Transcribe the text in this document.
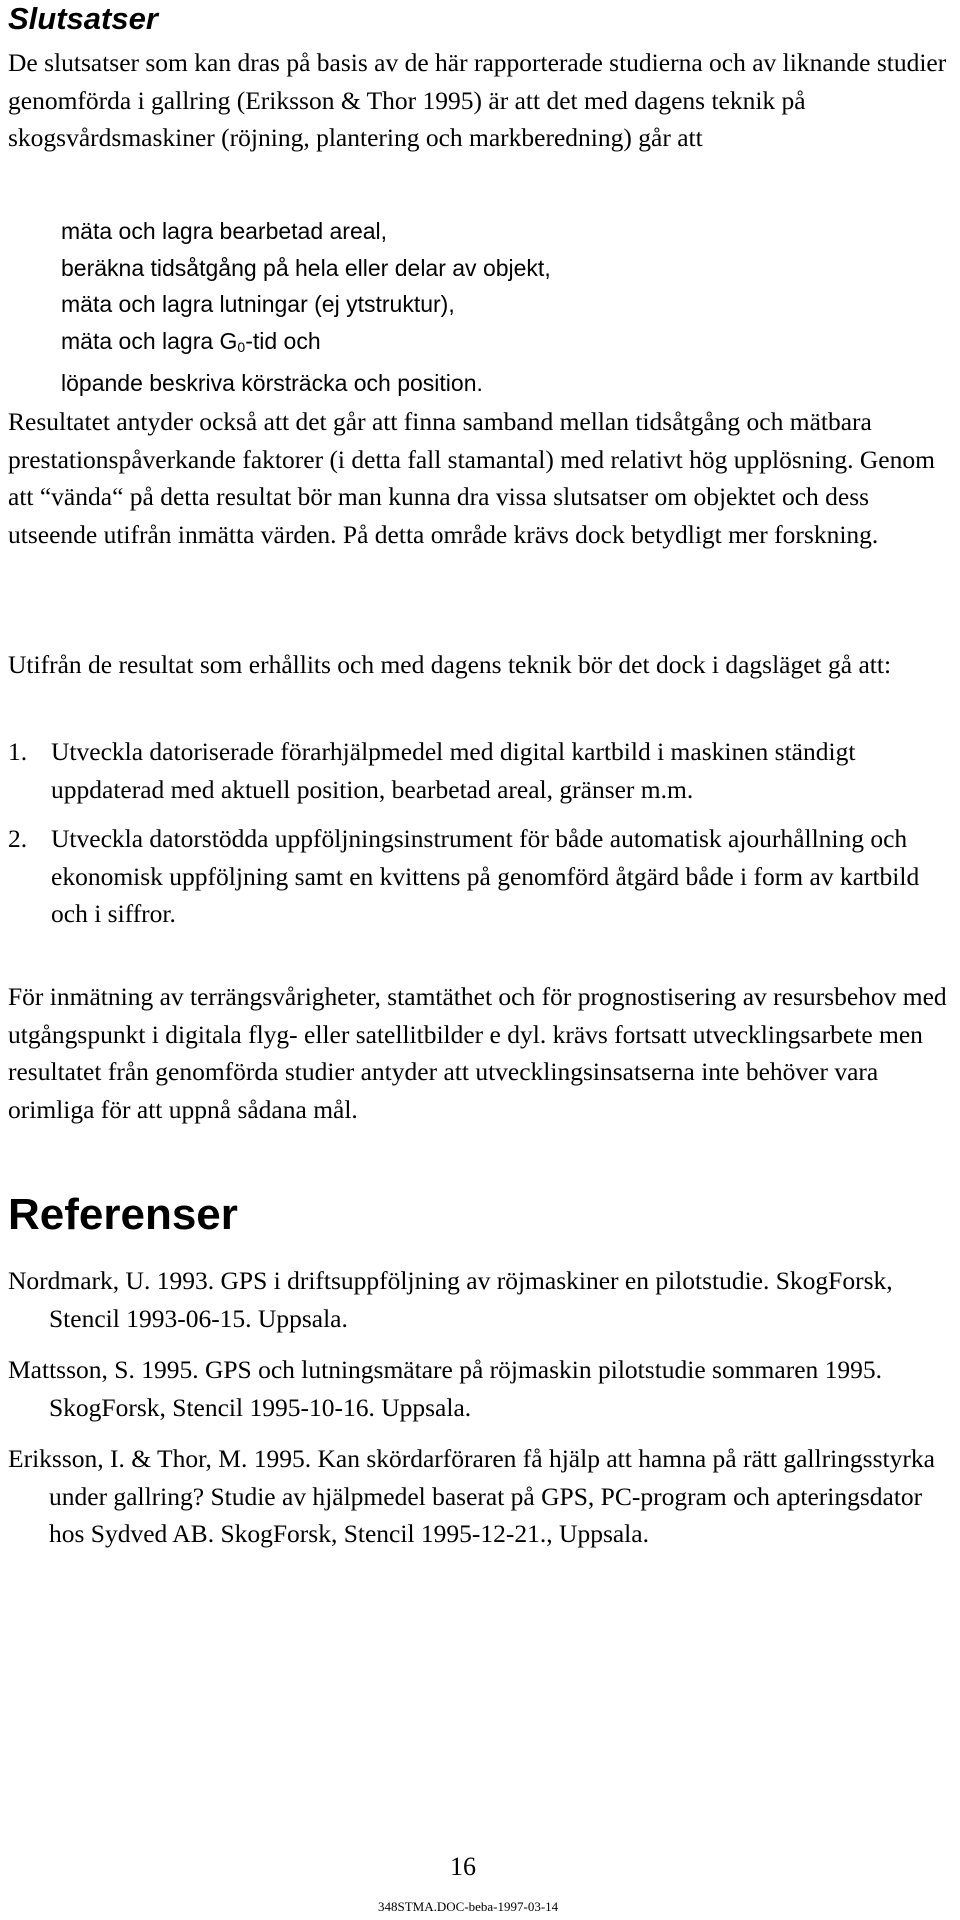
Slutsatser

De slutsatser som kan dras på basis av de här rapporterade studierna och av liknande studier genomförda i gallring (Eriksson & Thor 1995) är att det med dagens teknik på skogsvårdsmaskiner (röjning, plantering och markberedning) går att

mäta och lagra bearbetad areal,
beräkna tidsåtgång på hela eller delar av objekt,
mäta och lagra lutningar (ej ytstruktur),
mäta och lagra $G_0$-tid och
löpande beskriva körsträcka och position.

Resultatet antyder också att det går att finna samband mellan tidsåtgång och mätbara prestationspåverkande faktorer (i detta fall stamantal) med relativt hög upplösning. Genom att “vända“ på detta resultat bör man kunna dra vissa slutsatser om objektet och dess utseende utifrån inmätta värden. På detta område krävs dock betydligt mer forskning.

Utifrån de resultat som erhållits och med dagens teknik bör det dock i dagsläget gå att:

1. Utveckla datoriserade förarhjälpmedel med digital kartbild i maskinen ständigt uppdaterad med aktuell position, bearbetad areal, gränser m.m.
2. Utveckla datorstödda uppföljningsinstrument för både automatisk ajourhållning och ekonomisk uppföljning samt en kvittens på genomförd åtgärd både i form av kartbild och i siffror.

För inmätning av terrängsvårigheter, stamtäthet och för prognostisering av resursbehov med utgångspunkt i digitala flyg- eller satellitbilder e dyl. krävs fortsatt utvecklingsarbete men resultatet från genomförda studier antyder att utvecklingsinsatserna inte behöver vara orimliga för att uppnå sådana mål.

Referenser

Nordmark, U. 1993. GPS i driftsuppföljning av röjmaskiner en pilotstudie. SkogForsk, Stencil 1993-06-15. Uppsala.

Mattsson, S. 1995. GPS och lutningsmätare på röjmaskin pilotstudie sommaren 1995. SkogForsk, Stencil 1995-10-16. Uppsala.

Eriksson, I. & Thor, M. 1995. Kan skördarföraren få hjälp att hamna på rätt gallringsstyrka under gallring? Studie av hjälpmedel baserat på GPS, PC-program och apteringsdator hos Sydved AB. SkogForsk, Stencil 1995-12-21., Uppsala.

16
348STMA.DOC-beba-1997-03-14
